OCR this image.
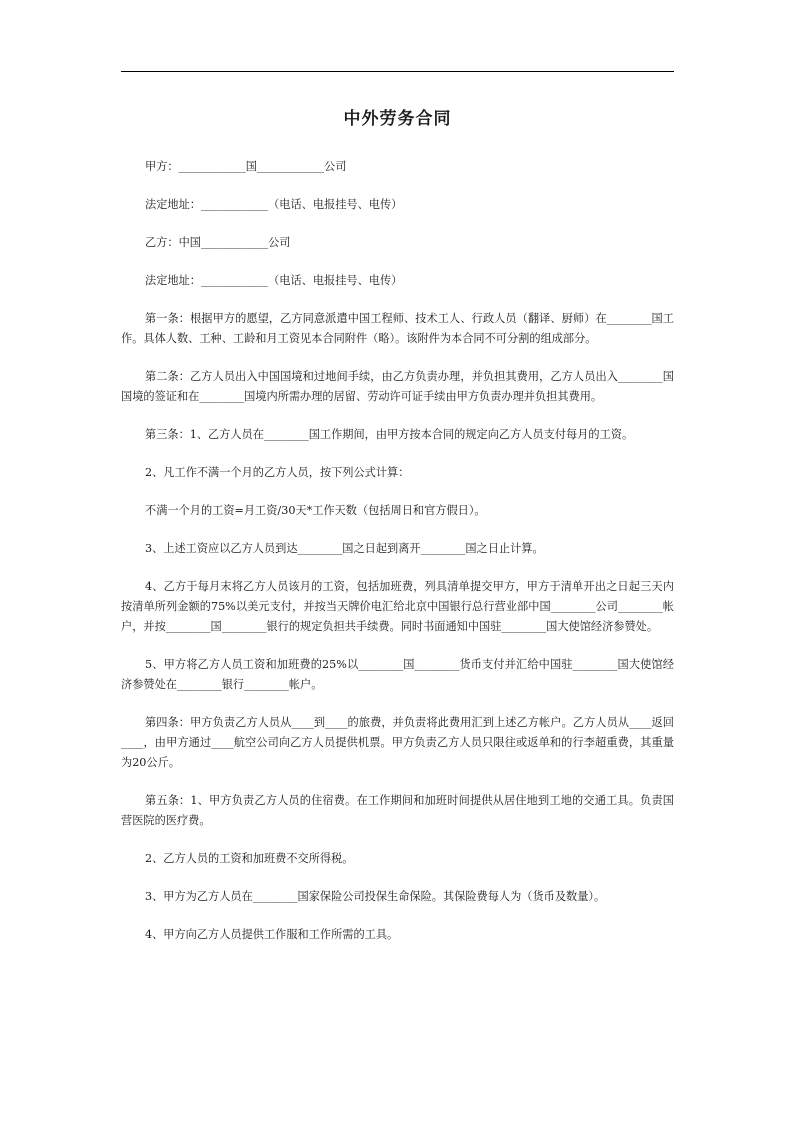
中外劳务合同

甲方：____________国____________公司

法定地址：____________（电话、电报挂号、电传）

乙方：中国____________公司

法定地址：____________（电话、电报挂号、电传）

第一条：根据甲方的愿望，乙方同意派遣中国工程师、技术工人、行政人员（翻译、厨师）在________国工作。具体人数、工种、工龄和月工资见本合同附件（略）。该附件为本合同不可分割的组成部分。

第二条：乙方人员出入中国国境和过地间手续，由乙方负责办理，并负担其费用，乙方人员出入________国国境的签证和在________国境内所需办理的居留、劳动许可证手续由甲方负责办理并负担其费用。

第三条：1、乙方人员在________国工作期间，由甲方按本合同的规定向乙方人员支付每月的工资。

2、凡工作不满一个月的乙方人员，按下列公式计算：

不满一个月的工资=月工资/30天*工作天数（包括周日和官方假日）。

3、上述工资应以乙方人员到达________国之日起到离开________国之日止计算。

4、乙方于每月末将乙方人员该月的工资，包括加班费，列具清单提交甲方，甲方于清单开出之日起三天内按清单所列金额的75%以美元支付，并按当天牌价电汇给北京中国银行总行营业部中国________公司________帐户，并按________国________银行的规定负担共手续费。同时书面通知中国驻________国大使馆经济参赞处。

5、甲方将乙方人员工资和加班费的25%以________国________货币支付并汇给中国驻________国大使馆经济参赞处在________银行________帐户。

第四条：甲方负责乙方人员从____到____的旅费，并负责将此费用汇到上述乙方帐户。乙方人员从____返回____，由甲方通过____航空公司向乙方人员提供机票。甲方负责乙方人员只限往或返单和的行李超重费，其重量为20公斤。

第五条：1、甲方负责乙方人员的住宿费。在工作期间和加班时间提供从居住地到工地的交通工具。负责国营医院的医疗费。

2、乙方人员的工资和加班费不交所得税。

3、甲方为乙方人员在________国家保险公司投保生命保险。其保险费每人为（货币及数量）。

4、甲方向乙方人员提供工作服和工作所需的工具。
